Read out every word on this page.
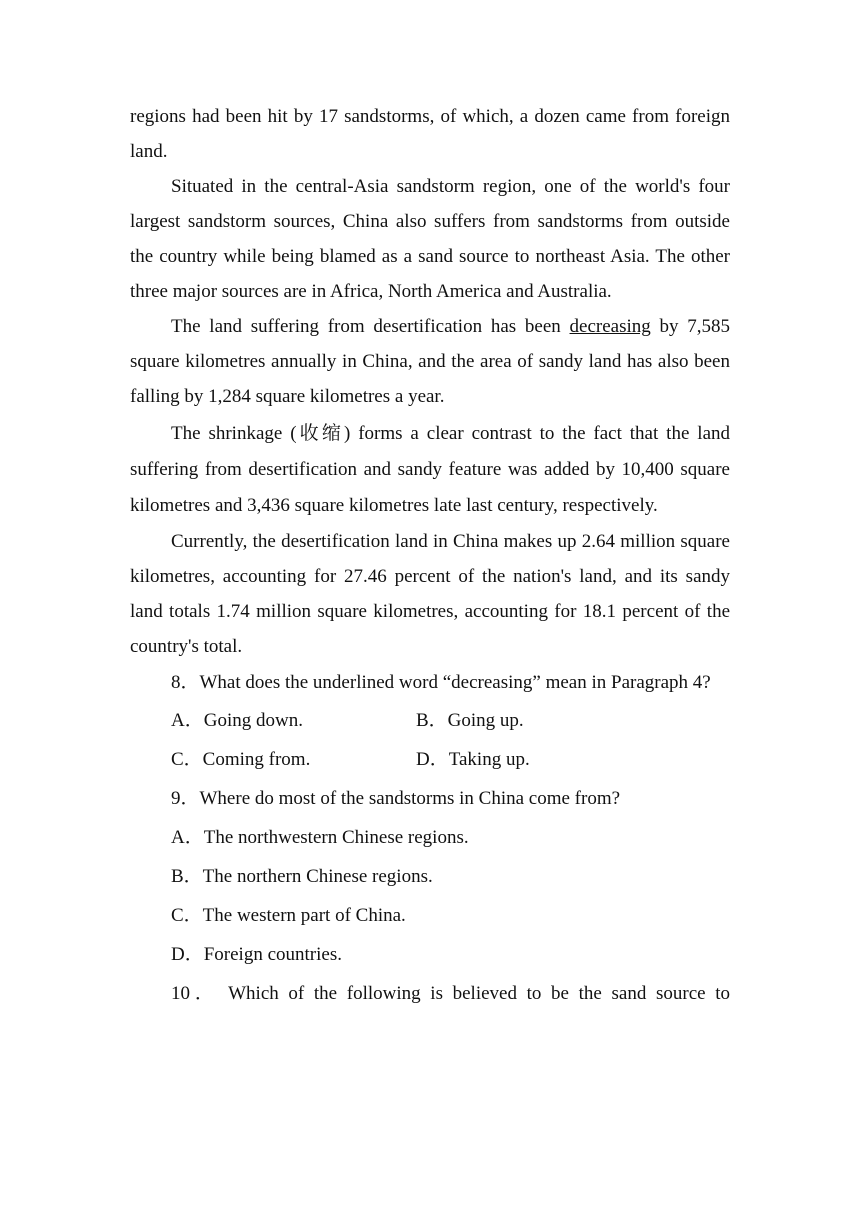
regions had been hit by 17 sandstorms, of which, a dozen came from foreign land.

Situated in the central-Asia sandstorm region, one of the world's four largest sandstorm sources, China also suffers from sandstorms from outside the country while being blamed as a sand source to northeast Asia. The other three major sources are in Africa, North America and Australia.

The land suffering from desertification has been decreasing by 7,585 square kilometres annually in China, and the area of sandy land has also been falling by 1,284 square kilometres a year.

The shrinkage (收缩) forms a clear contrast to the fact that the land suffering from desertification and sandy feature was added by 10,400 square kilometres and 3,436 square kilometres late last century, respectively.

Currently, the desertification land in China makes up 2.64 million square kilometres, accounting for 27.46 percent of the nation's land, and its sandy land totals 1.74 million square kilometres, accounting for 18.1 percent of the country's total.

8．What does the underlined word “decreasing” mean in Paragraph 4?

A．Going down.	B．Going up.
C．Coming from.	D．Taking up.

9．Where do most of the sandstorms in China come from?

A．The northwestern Chinese regions.

B．The northern Chinese regions.

C．The western part of China.

D．Foreign countries.

10． Which of the following is believed to be the sand source to
